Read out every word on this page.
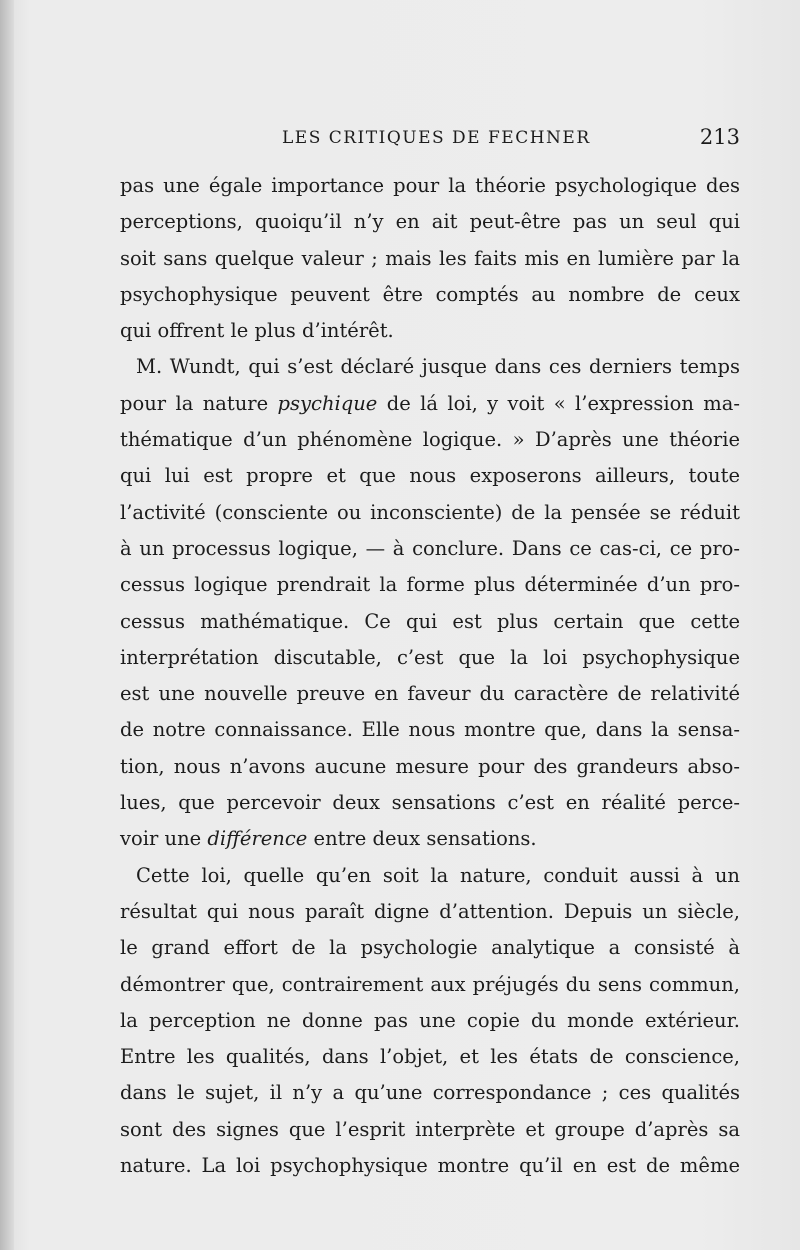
LES CRITIQUES DE FECHNER	213
pas une égale importance pour la théorie psychologique des
perceptions, quoiqu’il n’y en ait peut-être pas un seul qui
soit sans quelque valeur ; mais les faits mis en lumière par la
psychophysique peuvent être comptés au nombre de ceux
qui offrent le plus d’intérêt.
M. Wundt, qui s’est déclaré jusque dans ces derniers temps
pour la nature psychique de lá loi, y voit « l’expression ma-
thématique d’un phénomène logique. » D’après une théorie
qui lui est propre et que nous exposerons ailleurs, toute
l’activité (consciente ou inconsciente) de la pensée se réduit
à un processus logique, — à conclure. Dans ce cas-ci, ce pro-
cessus logique prendrait la forme plus déterminée d’un pro-
cessus mathématique. Ce qui est plus certain que cette
interprétation discutable, c’est que la loi psychophysique
est une nouvelle preuve en faveur du caractère de relativité
de notre connaissance. Elle nous montre que, dans la sensa-
tion, nous n’avons aucune mesure pour des grandeurs abso-
lues, que percevoir deux sensations c’est en réalité perce-
voir une différence entre deux sensations.
Cette loi, quelle qu’en soit la nature, conduit aussi à un
résultat qui nous paraît digne d’attention. Depuis un siècle,
le grand effort de la psychologie analytique a consisté à
démontrer que, contrairement aux préjugés du sens commun,
la perception ne donne pas une copie du monde extérieur.
Entre les qualités, dans l’objet, et les états de conscience,
dans le sujet, il n’y a qu’une correspondance ; ces qualités
sont des signes que l’esprit interprète et groupe d’après sa
nature. La loi psychophysique montre qu’il en est de même
